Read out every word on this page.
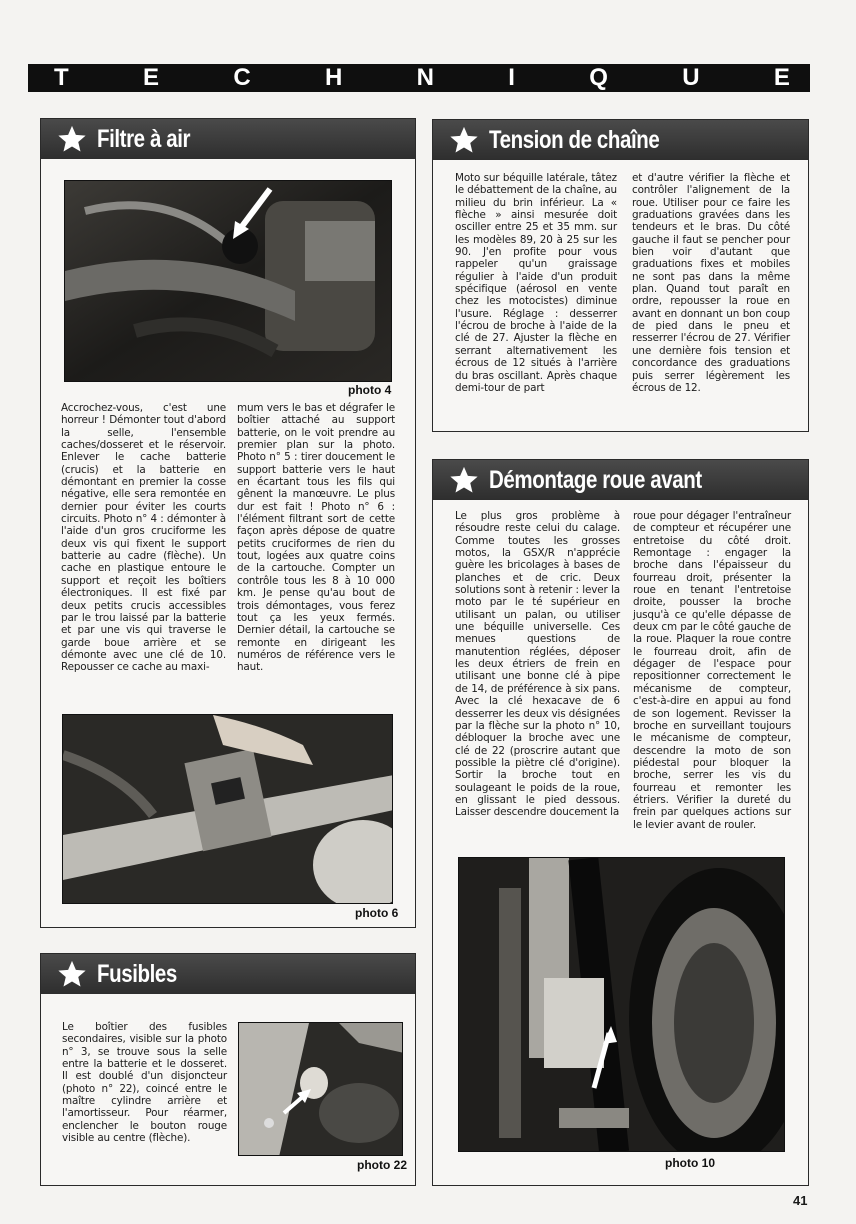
T	E	C	H	N	I	Q	U	E
Filtre à air
photo 4
Accrochez-vous, c'est une horreur ! Démonter tout d'abord la selle, l'ensemble caches/dosseret et le réservoir. Enlever le cache batterie (crucis) et la batterie en démontant en premier la cosse négative, elle sera remontée en dernier pour éviter les courts circuits. Photo n° 4 : démonter à l'aide d'un gros cruciforme les deux vis qui fixent le support batterie au cadre (flèche). Un cache en plastique entoure le support et reçoit les boîtiers électroniques. Il est fixé par deux petits crucis accessibles par le trou laissé par la batterie et par une vis qui traverse le garde boue arrière et se démonte avec une clé de 10. Repousser ce cache au maxi-
mum vers le bas et dégrafer le boîtier attaché au support batterie, on le voit prendre au premier plan sur la photo. Photo n° 5 : tirer doucement le support batterie vers le haut en écartant tous les fils qui gênent la manœuvre. Le plus dur est fait ! Photo n° 6 : l'élément filtrant sort de cette façon après dépose de quatre petits cruciformes de rien du tout, logées aux quatre coins de la cartouche. Compter un contrôle tous les 8 à 10 000 km. Je pense qu'au bout de trois démontages, vous ferez tout ça les yeux fermés. Dernier détail, la cartouche se remonte en dirigeant les numéros de référence vers le haut.
photo 6
Tension de chaîne
Moto sur béquille latérale, tâtez le débattement de la chaîne, au milieu du brin inférieur. La « flèche » ainsi mesurée doit osciller entre 25 et 35 mm. sur les modèles 89, 20 à 25 sur les 90. J'en profite pour vous rappeler qu'un graissage régulier à l'aide d'un produit spécifique (aérosol en vente chez les motocistes) diminue l'usure. Réglage : desserrer l'écrou de broche à l'aide de la clé de 27. Ajuster la flèche en serrant alternativement les écrous de 12 situés à l'arrière du bras oscillant. Après chaque demi-tour de part
et d'autre vérifier la flèche et contrôler l'alignement de la roue. Utiliser pour ce faire les graduations gravées dans les tendeurs et le bras. Du côté gauche il faut se pencher pour bien voir d'autant que graduations fixes et mobiles ne sont pas dans la même plan. Quand tout paraît en ordre, repousser la roue en avant en donnant un bon coup de pied dans le pneu et resserrer l'écrou de 27. Vérifier une dernière fois tension et concordance des graduations puis serrer légèrement les écrous de 12.
Démontage roue avant
Le plus gros problème à résoudre reste celui du calage. Comme toutes les grosses motos, la GSX/R n'apprécie guère les bricolages à bases de planches et de cric. Deux solutions sont à retenir : lever la moto par le té supérieur en utilisant un palan, ou utiliser une béquille universelle. Ces menues questions de manutention réglées, déposer les deux étriers de frein en utilisant une bonne clé à pipe de 14, de préférence à six pans. Avec la clé hexacave de 6 desserrer les deux vis désignées par la flèche sur la photo n° 10, débloquer la broche avec une clé de 22 (proscrire autant que possible la piètre clé d'origine). Sortir la broche tout en soulageant le poids de la roue, en glissant le pied dessous. Laisser descendre doucement la
roue pour dégager l'entraîneur de compteur et récupérer une entretoise du côté droit. Remontage : engager la broche dans l'épaisseur du fourreau droit, présenter la roue en tenant l'entretoise droite, pousser la broche jusqu'à ce qu'elle dépasse de deux cm par le côté gauche de la roue. Plaquer la roue contre le fourreau droit, afin de dégager de l'espace pour repositionner correctement le mécanisme de compteur, c'est-à-dire en appui au fond de son logement. Revisser la broche en surveillant toujours le mécanisme de compteur, descendre la moto de son piédestal pour bloquer la broche, serrer les vis du fourreau et remonter les étriers. Vérifier la dureté du frein par quelques actions sur le levier avant de rouler.
photo 10
Fusibles
Le boîtier des fusibles secondaires, visible sur la photo n° 3, se trouve sous la selle entre la batterie et le dosseret. Il est doublé d'un disjoncteur (photo n° 22), coincé entre le maître cylindre arrière et l'amortisseur. Pour réarmer, enclencher le bouton rouge visible au centre (flèche).
photo 22
41
